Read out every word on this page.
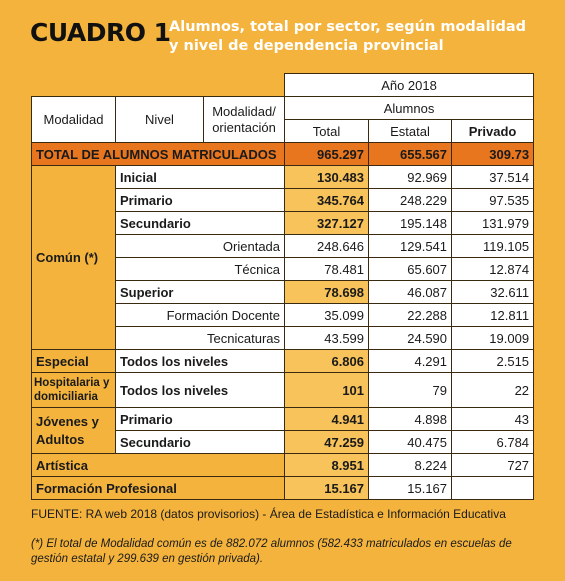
CUADRO 1
Alumnos, total por sector, según modalidad y nivel de dependencia provincial
			Año 2018		
Modalidad	Nivel	Modalidad/ orientación	Alumnos		
			Total	Estatal	Privado
TOTAL DE ALUMNOS MATRICULADOS			965.297	655.567	309.73
Común (*)	Inicial		130.483	92.969	37.514
	Primario		345.764	248.229	97.535
	Secundario		327.127	195.148	131.979
	Orientada		248.646	129.541	119.105
	Técnica		78.481	65.607	12.874
	Superior		78.698	46.087	32.611
	Formación Docente		35.099	22.288	12.811
	Tecnicaturas		43.599	24.590	19.009
Especial	Todos los niveles		6.806	4.291	2.515
Hospitalaria y domiciliaria	Todos los niveles		101	79	22
Jóvenes y Adultos	Primario		4.941	4.898	43
	Secundario		47.259	40.475	6.784
Artística			8.951	8.224	727
Formación Profesional			15.167	15.167	
FUENTE: RA web 2018 (datos provisorios) - Área de Estadística e Información Educativa
(*) El total de Modalidad común es de 882.072 alumnos (582.433 matriculados en escuelas de gestión estatal y 299.639 en gestión privada).
